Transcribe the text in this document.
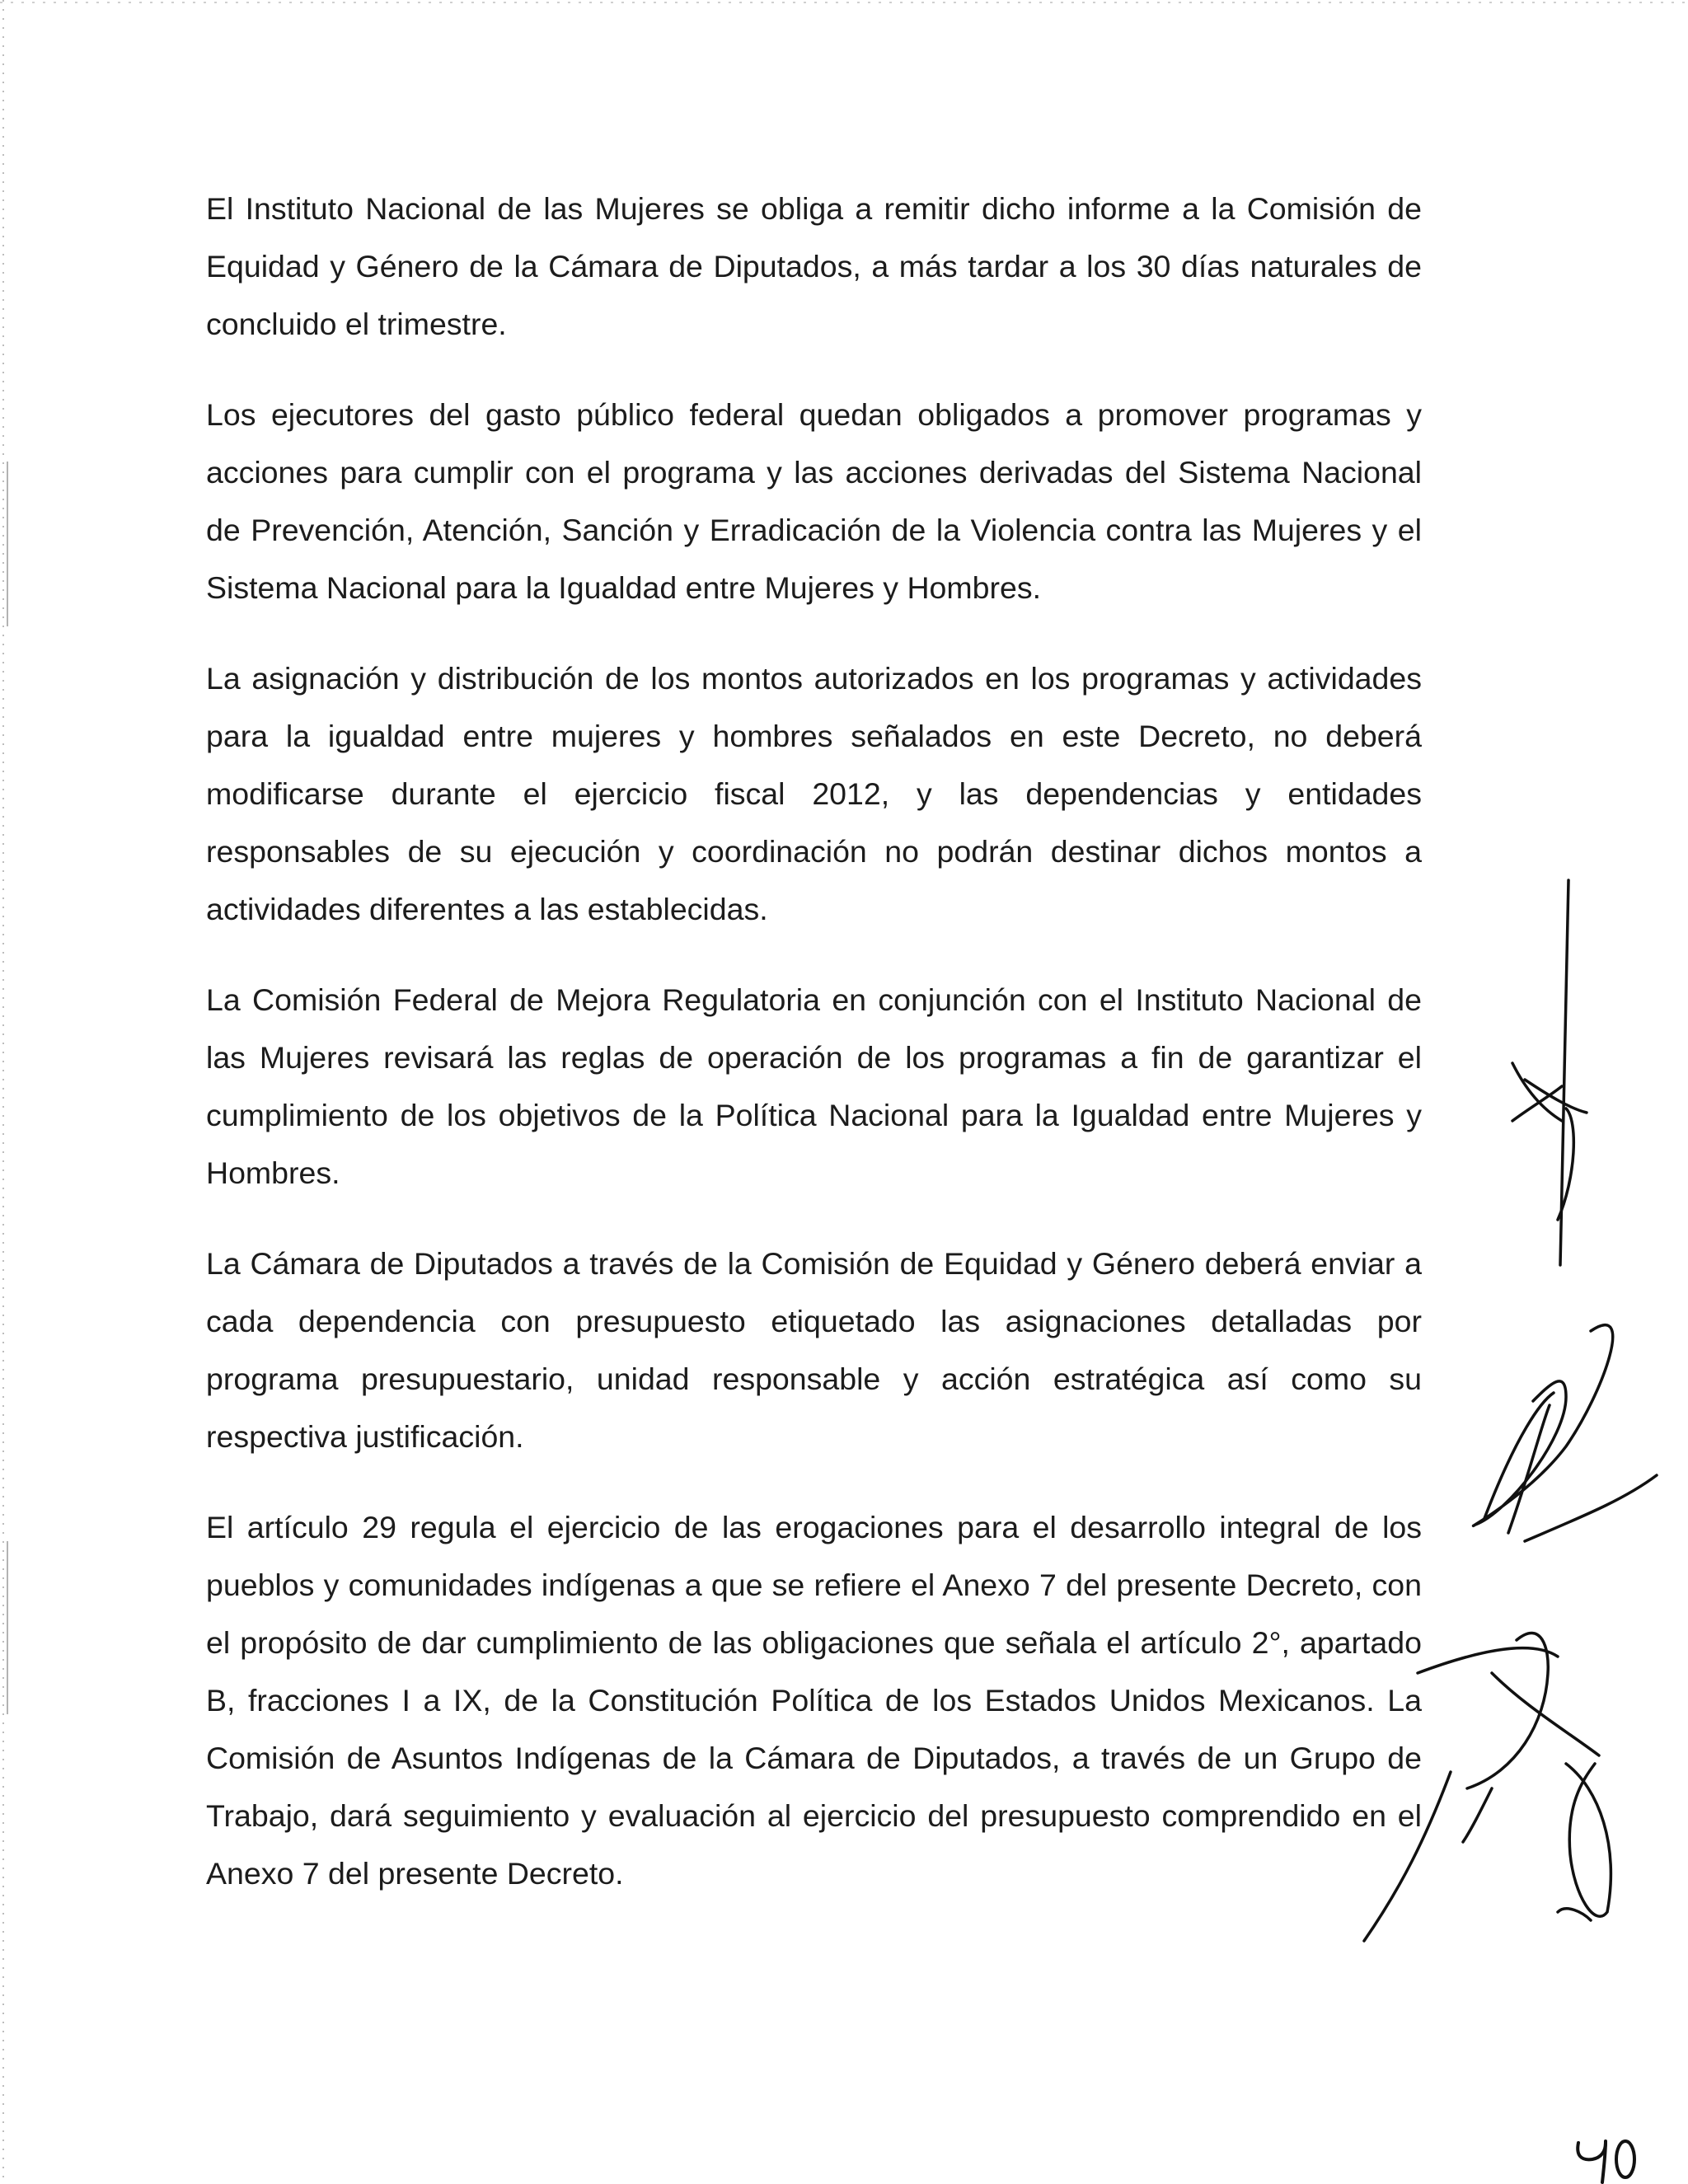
El Instituto Nacional de las Mujeres se obliga a remitir dicho informe a la Comisión de Equidad y Género de la Cámara de Diputados, a más tardar a los 30 días naturales de concluido el trimestre.

Los ejecutores del gasto público federal quedan obligados a promover programas y acciones para cumplir con el programa y las acciones derivadas del Sistema Nacional de Prevención, Atención, Sanción y Erradicación de la Violencia contra las Mujeres y el Sistema Nacional para la Igualdad entre Mujeres y Hombres.

La asignación y distribución de los montos autorizados en los programas y actividades para la igualdad entre mujeres y hombres señalados en este Decreto, no deberá modificarse durante el ejercicio fiscal 2012, y las dependencias y entidades responsables de su ejecución y coordinación no podrán destinar dichos montos a actividades diferentes a las establecidas.

La Comisión Federal de Mejora Regulatoria en conjunción con el Instituto Nacional de las Mujeres revisará las reglas de operación de los programas a fin de garantizar el cumplimiento de los objetivos de la Política Nacional para la Igualdad entre Mujeres y Hombres.

La Cámara de Diputados a través de la Comisión de Equidad y Género deberá enviar a cada dependencia con presupuesto etiquetado las asignaciones detalladas por programa presupuestario, unidad responsable y acción estratégica así como su respectiva justificación.

El artículo 29 regula el ejercicio de las erogaciones para el desarrollo integral de los pueblos y comunidades indígenas a que se refiere el Anexo 7 del presente Decreto, con el propósito de dar cumplimiento de las obligaciones que señala el artículo 2°, apartado B, fracciones I a IX, de la Constitución Política de los Estados Unidos Mexicanos. La Comisión de Asuntos Indígenas de la Cámara de Diputados, a través de un Grupo de Trabajo, dará seguimiento y evaluación al ejercicio del presupuesto comprendido en el Anexo 7 del presente Decreto.
